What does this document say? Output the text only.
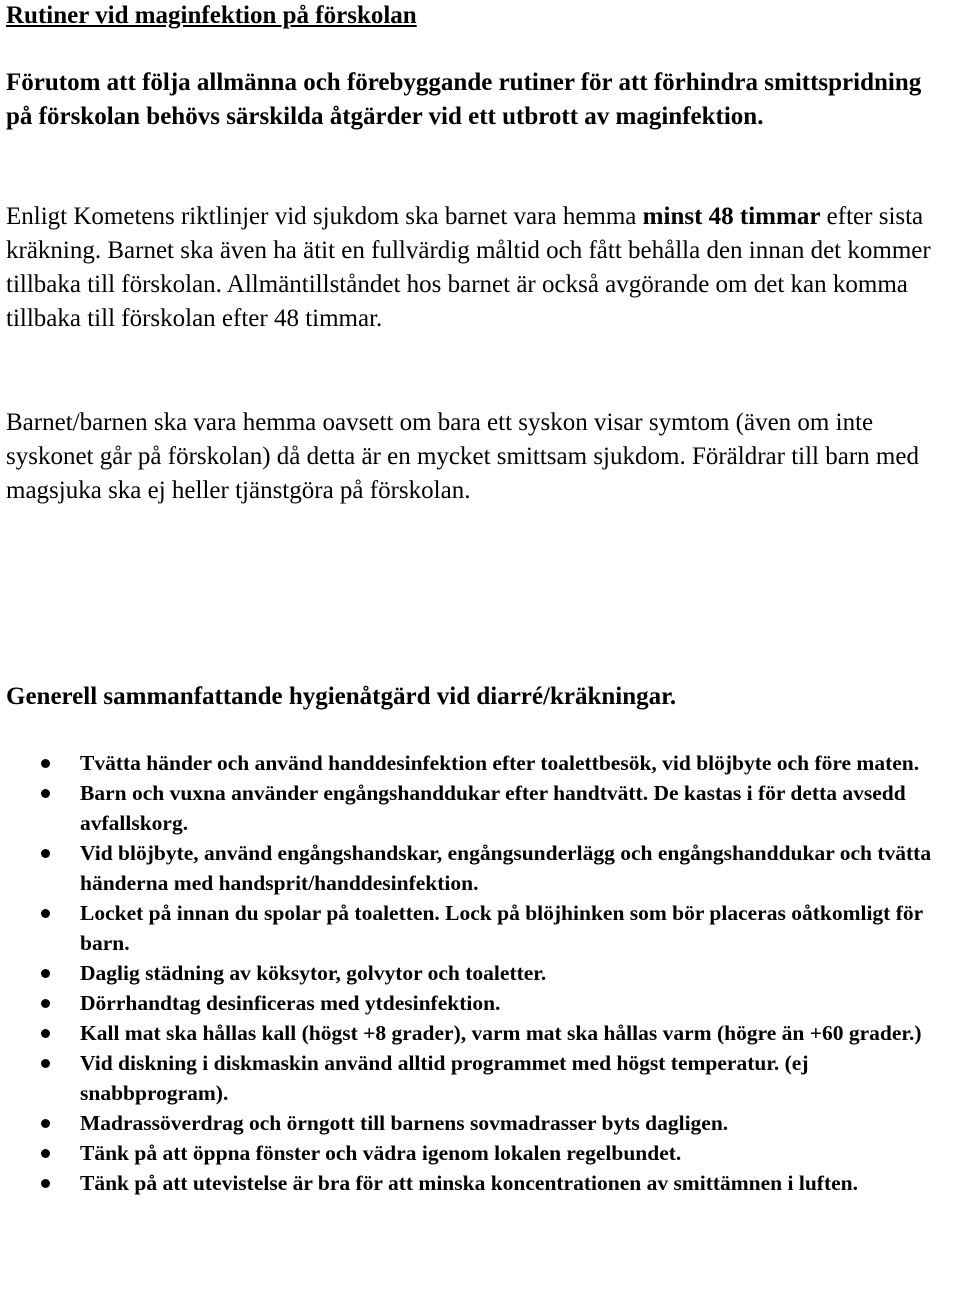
Rutiner vid maginfektion på förskolan

Förutom att följa allmänna och förebyggande rutiner för att förhindra smittspridning på förskolan behövs särskilda åtgärder vid ett utbrott av maginfektion.

Enligt Kometens riktlinjer vid sjukdom ska barnet vara hemma minst 48 timmar efter sista kräkning. Barnet ska även ha ätit en fullvärdig måltid och fått behålla den innan det kommer tillbaka till förskolan. Allmäntillståndet hos barnet är också avgörande om det kan komma tillbaka till förskolan efter 48 timmar.

Barnet/barnen ska vara hemma oavsett om bara ett syskon visar symtom (även om inte syskonet går på förskolan) då detta är en mycket smittsam sjukdom. Föräldrar till barn med magsjuka ska ej heller tjänstgöra på förskolan.

Generell sammanfattande hygienåtgärd vid diarré/kräkningar.
Tvätta händer och använd handdesinfektion efter toalettbesök, vid blöjbyte och före maten.
Barn och vuxna använder engångshanddukar efter handtvätt. De kastas i för detta avsedd avfallskorg.
Vid blöjbyte, använd engångshandskar, engångsunderlägg och engångshanddukar och tvätta händerna med handsprit/handdesinfektion.
Locket på innan du spolar på toaletten. Lock på blöjhinken som bör placeras oåtkomligt för barn.
Daglig städning av köksytor, golvytor och toaletter.
Dörrhandtag desinficeras med ytdesinfektion.
Kall mat ska hållas kall (högst +8 grader), varm mat ska hållas varm (högre än +60 grader.)
Vid diskning i diskmaskin använd alltid programmet med högst temperatur. (ej snabbprogram).
Madrassöverdrag och örngott till barnens sovmadrasser byts dagligen.
Tänk på att öppna fönster och vädra igenom lokalen regelbundet.
Tänk på att utevistelse är bra för att minska koncentrationen av smittämnen i luften.
